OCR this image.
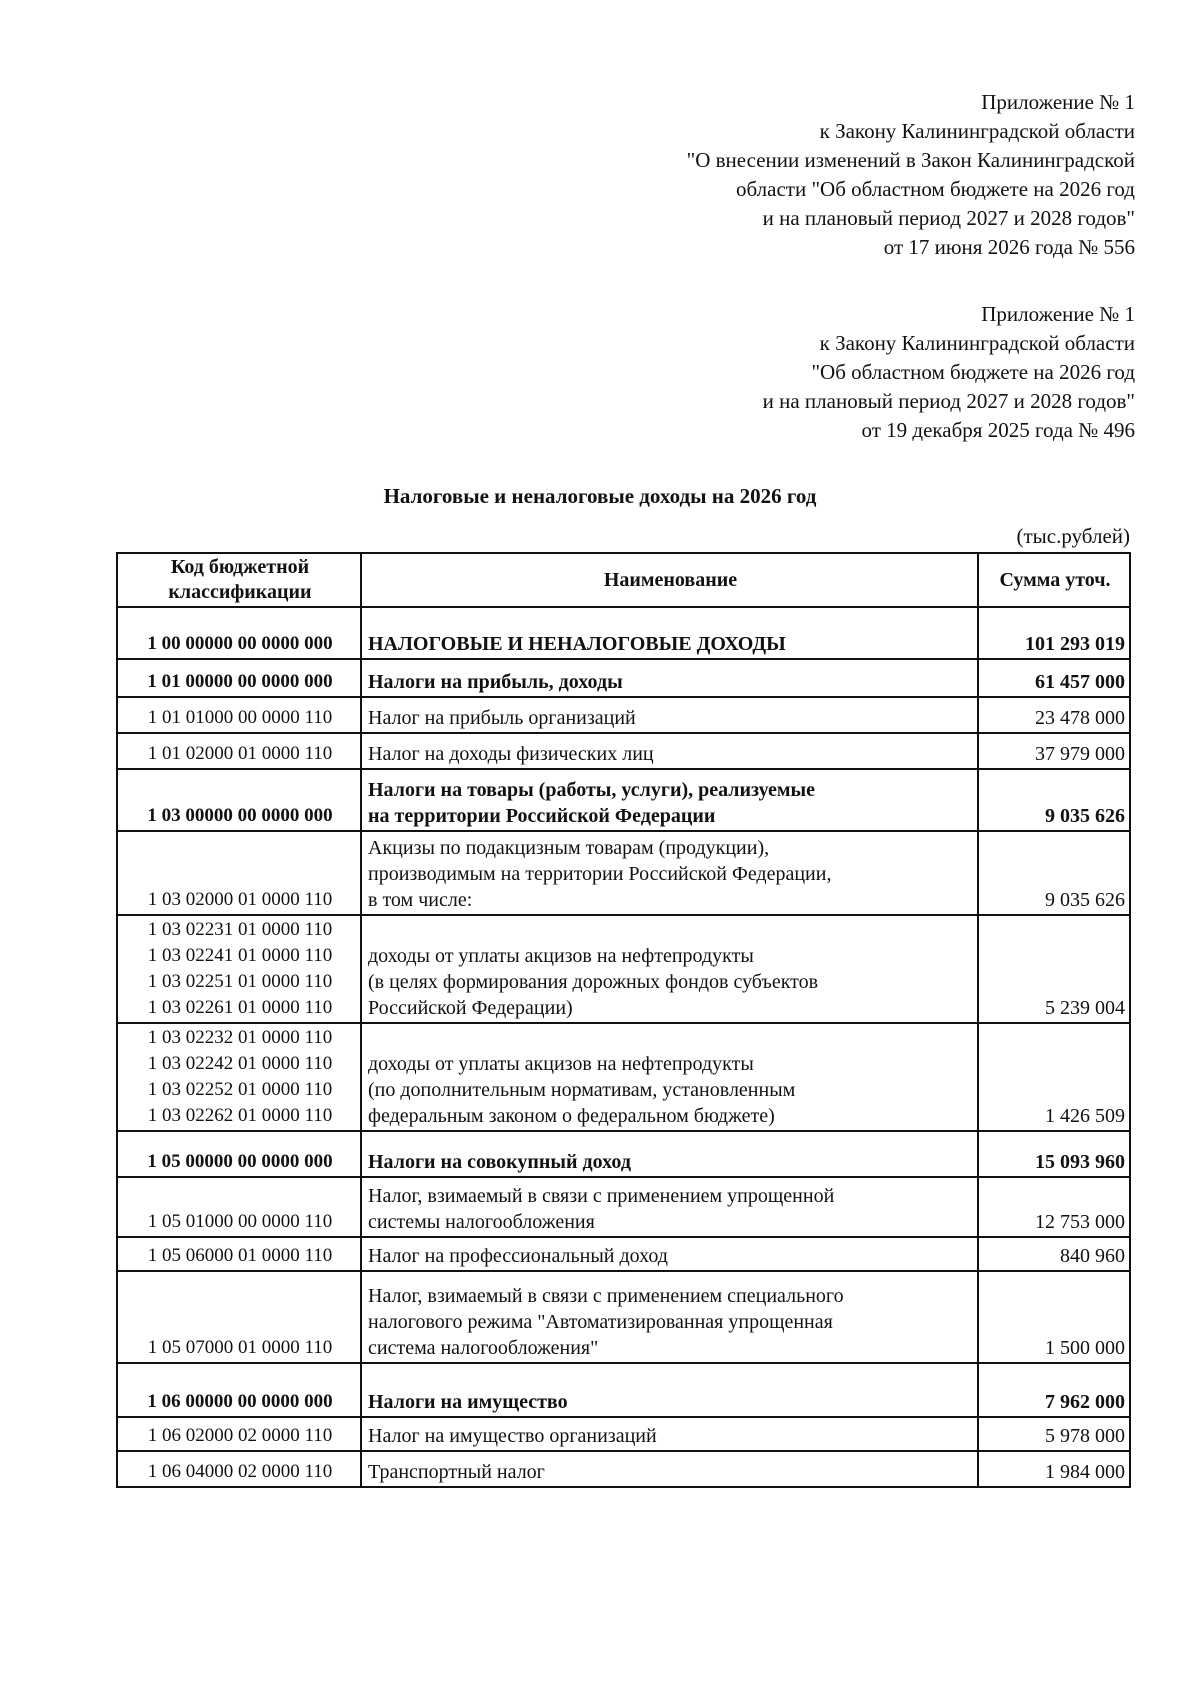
Приложение № 1
к Закону Калининградской области
"О внесении изменений в Закон Калининградской
области "Об областном бюджете на 2026 год
и на плановый период 2027 и 2028 годов"
от 17 июня 2026 года № 556
Приложение № 1
к Закону Калининградской области
"Об областном бюджете на 2026 год
и на плановый период 2027 и 2028 годов"
от 19 декабря 2025 года № 496
Налоговые и неналоговые доходы на 2026 год
(тыс.рублей)
Код бюджетной классификации	Наименование	Сумма уточ.

1 00 00000 00 0000 000	НАЛОГОВЫЕ И НЕНАЛОГОВЫЕ ДОХОДЫ	101 293 019

1 01 00000 00 0000 000	Налоги на прибыль, доходы	61 457 000

1 01 01000 00 0000 110	Налог на прибыль организаций	23 478 000

1 01 02000 01 0000 110	Налог на доходы физических лиц	37 979 000

1 03 00000 00 0000 000	Налоги на товары (работы, услуги), реализуемые
на территории Российской Федерации	9 035 626

1 03 02000 01 0000 110	Акцизы по подакцизным товарам (продукции),
производимым на территории Российской Федерации,
в том числе:	9 035 626

1 03 02231 01 0000 110
1 03 02241 01 0000 110
1 03 02251 01 0000 110
1 03 02261 01 0000 110	доходы от уплаты акцизов на нефтепродукты
(в целях формирования дорожных фондов субъектов
Российской Федерации)	5 239 004

1 03 02232 01 0000 110
1 03 02242 01 0000 110
1 03 02252 01 0000 110
1 03 02262 01 0000 110	доходы от уплаты акцизов на нефтепродукты
(по дополнительным нормативам, установленным
федеральным законом о федеральном бюджете)	1 426 509

1 05 00000 00 0000 000	Налоги на совокупный доход	15 093 960

1 05 01000 00 0000 110	Налог, взимаемый в связи с применением упрощенной
системы налогообложения	12 753 000

1 05 06000 01 0000 110	Налог на профессиональный доход	840 960

1 05 07000 01 0000 110	Налог, взимаемый в связи с применением специального
налогового режима "Автоматизированная упрощенная
система налогообложения"	1 500 000

1 06 00000 00 0000 000	Налоги на имущество	7 962 000

1 06 02000 02 0000 110	Налог на имущество организаций	5 978 000

1 06 04000 02 0000 110	Транспортный налог	1 984 000
